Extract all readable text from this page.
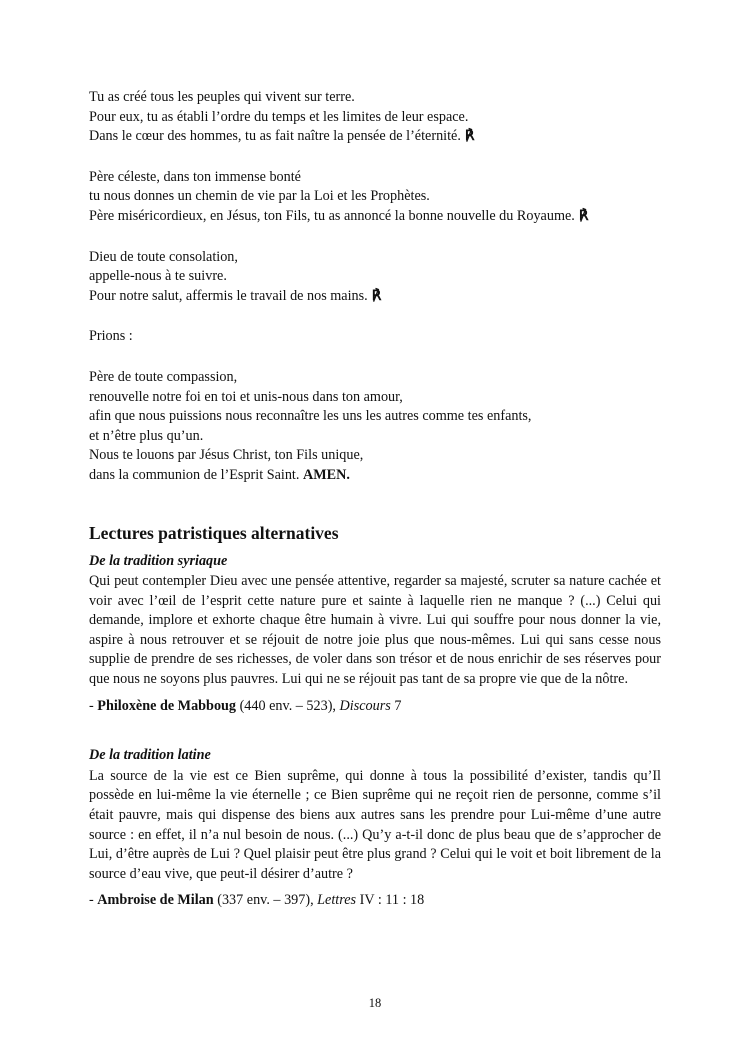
Tu as créé tous les peuples qui vivent sur terre.
Pour eux, tu as établi l’ordre du temps et les limites de leur espace.
Dans le cœur des hommes, tu as fait naître la pensée de l’éternité. ℟
Père céleste, dans ton immense bonté
tu nous donnes un chemin de vie par la Loi et les Prophètes.
Père miséricordieux, en Jésus, ton Fils, tu as annoncé la bonne nouvelle du Royaume. ℟
Dieu de toute consolation,
appelle-nous à te suivre.
Pour notre salut, affermis le travail de nos mains. ℟
Prions :
Père de toute compassion,
renouvelle notre foi en toi et unis-nous dans ton amour,
afin que nous puissions nous reconnaître les uns les autres comme tes enfants,
et n’être plus qu’un.
Nous te louons par Jésus Christ, ton Fils unique,
dans la communion de l’Esprit Saint. AMEN.
Lectures patristiques alternatives
De la tradition syriaque

Qui peut contempler Dieu avec une pensée attentive, regarder sa majesté, scruter sa nature cachée et voir avec l’œil de l’esprit cette nature pure et sainte à laquelle rien ne manque ? (...) Celui qui demande, implore et exhorte chaque être humain à vivre. Lui qui souffre pour nous donner la vie, aspire à nous retrouver et se réjouit de notre joie plus que nous-mêmes. Lui qui sans cesse nous supplie de prendre de ses richesses, de voler dans son trésor et de nous enrichir de ses réserves pour que nous ne soyons plus pauvres. Lui qui ne se réjouit pas tant de sa propre vie que de la nôtre.

- Philoxène de Mabboug (440 env. – 523), Discours 7
De la tradition latine

La source de la vie est ce Bien suprême, qui donne à tous la possibilité d’exister, tandis qu’Il possède en lui-même la vie éternelle ; ce Bien suprême qui ne reçoit rien de personne, comme s’il était pauvre, mais qui dispense des biens aux autres sans les prendre pour Lui-même d’une autre source : en effet, il n’a nul besoin de nous. (...) Qu’y a-t-il donc de plus beau que de s’approcher de Lui, d’être auprès de Lui ? Quel plaisir peut être plus grand ? Celui qui le voit et boit librement de la source d’eau vive, que peut-il désirer d’autre ?

- Ambroise de Milan (337 env. – 397), Lettres IV : 11 : 18
18
